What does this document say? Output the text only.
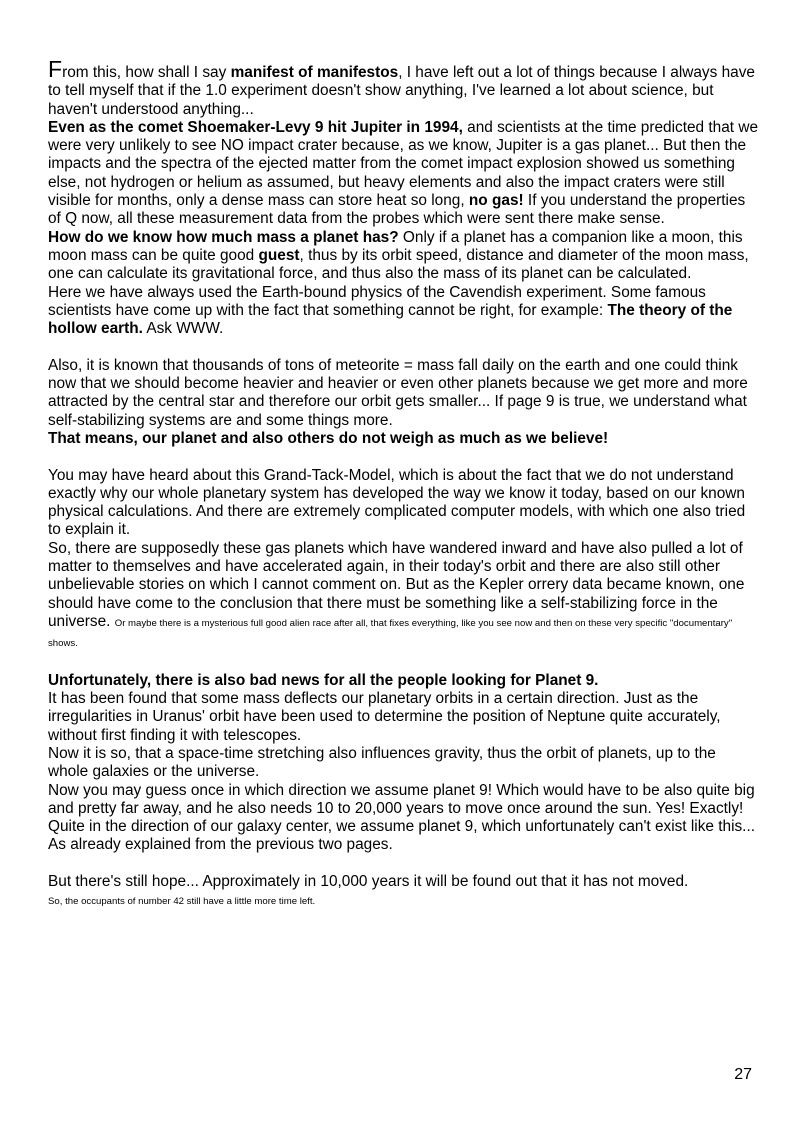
From this, how shall I say manifest of manifestos, I have left out a lot of things because I always have to tell myself that if the 1.0 experiment doesn't show anything, I've learned a lot about science, but haven't understood anything...

Even as the comet Shoemaker-Levy 9 hit Jupiter in 1994, and scientists at the time predicted that we were very unlikely to see NO impact crater because, as we know, Jupiter is a gas planet... But then the impacts and the spectra of the ejected matter from the comet impact explosion showed us something else, not hydrogen or helium as assumed, but heavy elements and also the impact craters were still visible for months, only a dense mass can store heat so long, no gas! If you understand the properties of Q now, all these measurement data from the probes which were sent there make sense.

How do we know how much mass a planet has? Only if a planet has a companion like a moon, this moon mass can be quite good guest, thus by its orbit speed, distance and diameter of the moon mass, one can calculate its gravitational force, and thus also the mass of its planet can be calculated.

Here we have always used the Earth-bound physics of the Cavendish experiment. Some famous scientists have come up with the fact that something cannot be right, for example: The theory of the hollow earth. Ask WWW.

Also, it is known that thousands of tons of meteorite = mass fall daily on the earth and one could think now that we should become heavier and heavier or even other planets because we get more and more attracted by the central star and therefore our orbit gets smaller... If page 9 is true, we understand what self-stabilizing systems are and some things more.

That means, our planet and also others do not weigh as much as we believe!

You may have heard about this Grand-Tack-Model, which is about the fact that we do not understand exactly why our whole planetary system has developed the way we know it today, based on our known physical calculations. And there are extremely complicated computer models, with which one also tried to explain it.

So, there are supposedly these gas planets which have wandered inward and have also pulled a lot of matter to themselves and have accelerated again, in their today's orbit and there are also still other unbelievable stories on which I cannot comment on. But as the Kepler orrery data became known, one should have come to the conclusion that there must be something like a self-stabilizing force in the universe. Or maybe there is a mysterious full good alien race after all, that fixes everything, like you see now and then on these very specific "documentary" shows.

Unfortunately, there is also bad news for all the people looking for Planet 9.

It has been found that some mass deflects our planetary orbits in a certain direction. Just as the irregularities in Uranus' orbit have been used to determine the position of Neptune quite accurately, without first finding it with telescopes.

Now it is so, that a space-time stretching also influences gravity, thus the orbit of planets, up to the whole galaxies or the universe.

Now you may guess once in which direction we assume planet 9! Which would have to be also quite big and pretty far away, and he also needs 10 to 20,000 years to move once around the sun. Yes! Exactly! Quite in the direction of our galaxy center, we assume planet 9, which unfortunately can't exist like this... As already explained from the previous two pages.

But there's still hope... Approximately in 10,000 years it will be found out that it has not moved.

So, the occupants of number 42 still have a little more time left.

27
